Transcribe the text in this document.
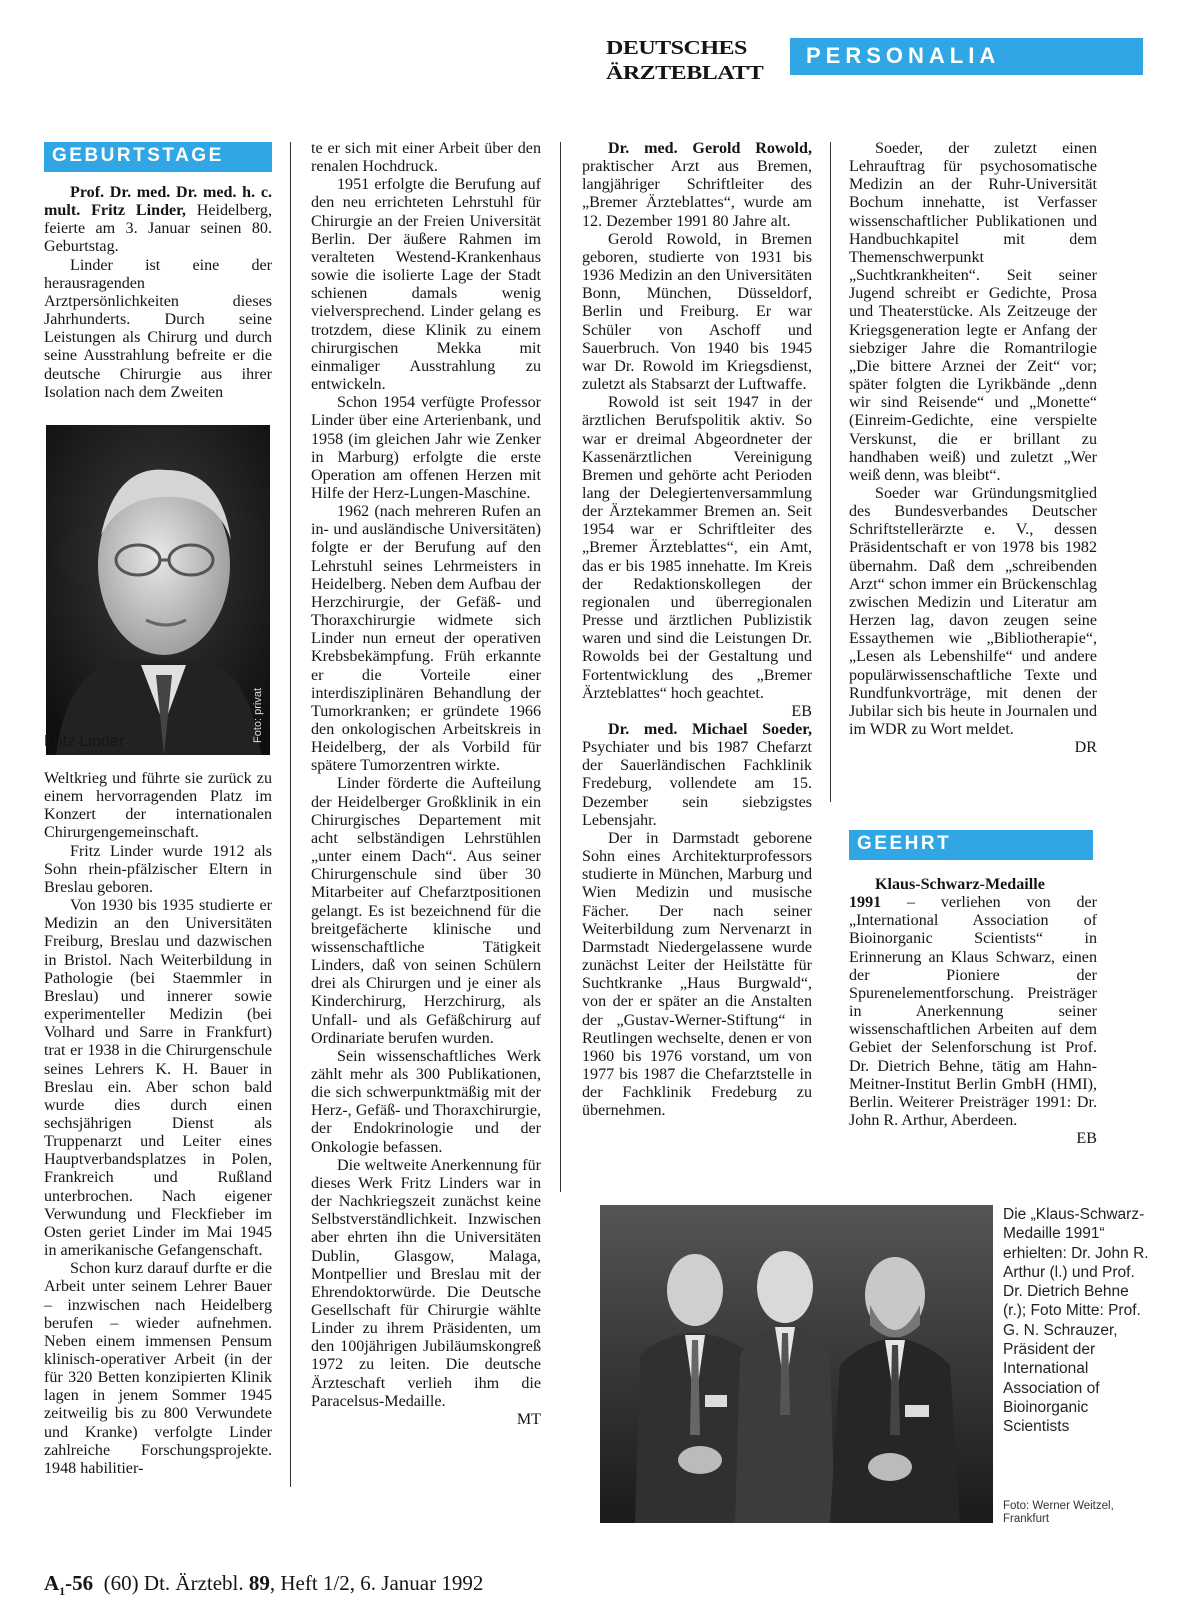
DEUTSCHES
ÄRZTEBLATT
PERSONALIA
GEBURTSTAGE

Prof. Dr. med. Dr. med. h. c. mult. Fritz Linder, Heidelberg, feierte am 3. Januar seinen 80. Geburtstag.

Linder ist eine der herausragenden Arztpersönlichkeiten dieses Jahrhunderts. Durch seine Leistungen als Chirurg und durch seine Ausstrahlung befreite er die deutsche Chirurgie aus ihrer Isolation nach dem Zweiten

Foto: privat
Fritz Linder

Weltkrieg und führte sie zurück zu einem hervorragenden Platz im Konzert der internationalen Chirurgengemeinschaft.

Fritz Linder wurde 1912 als Sohn rhein-pfälzischer Eltern in Breslau geboren.

Von 1930 bis 1935 studierte er Medizin an den Universitäten Freiburg, Breslau und dazwischen in Bristol. Nach Weiterbildung in Pathologie (bei Staemmler in Breslau) und innerer sowie experimenteller Medizin (bei Volhard und Sarre in Frankfurt) trat er 1938 in die Chirurgenschule seines Lehrers K. H. Bauer in Breslau ein. Aber schon bald wurde dies durch einen sechsjährigen Dienst als Truppenarzt und Leiter eines Hauptverbandsplatzes in Polen, Frankreich und Rußland unterbrochen. Nach eigener Verwundung und Fleckfieber im Osten geriet Linder im Mai 1945 in amerikanische Gefangenschaft.

Schon kurz darauf durfte er die Arbeit unter seinem Lehrer Bauer – inzwischen nach Heidelberg berufen – wieder aufnehmen. Neben einem immensen Pensum klinisch-operativer Arbeit (in der für 320 Betten konzipierten Klinik lagen in jenem Sommer 1945 zeitweilig bis zu 800 Verwundete und Kranke) verfolgte Linder zahlreiche Forschungsprojekte. 1948 habilitier-

te er sich mit einer Arbeit über den renalen Hochdruck.

1951 erfolgte die Berufung auf den neu errichteten Lehrstuhl für Chirurgie an der Freien Universität Berlin. Der äußere Rahmen im veralteten Westend-Krankenhaus sowie die isolierte Lage der Stadt schienen damals wenig vielversprechend. Linder gelang es trotzdem, diese Klinik zu einem chirurgischen Mekka mit einmaliger Ausstrahlung zu entwickeln.

Schon 1954 verfügte Professor Linder über eine Arterienbank, und 1958 (im gleichen Jahr wie Zenker in Marburg) erfolgte die erste Operation am offenen Herzen mit Hilfe der Herz-Lungen-Maschine.

1962 (nach mehreren Rufen an in- und ausländische Universitäten) folgte er der Berufung auf den Lehrstuhl seines Lehrmeisters in Heidelberg. Neben dem Aufbau der Herzchirurgie, der Gefäß- und Thoraxchirurgie widmete sich Linder nun erneut der operativen Krebsbekämpfung. Früh erkannte er die Vorteile einer interdisziplinären Behandlung der Tumorkranken; er gründete 1966 den onkologischen Arbeitskreis in Heidelberg, der als Vorbild für spätere Tumorzentren wirkte.

Linder förderte die Aufteilung der Heidelberger Großklinik in ein Chirurgisches Departement mit acht selbständigen Lehrstühlen „unter einem Dach“. Aus seiner Chirurgenschule sind über 30 Mitarbeiter auf Chefarztpositionen gelangt. Es ist bezeichnend für die breitgefächerte klinische und wissenschaftliche Tätigkeit Linders, daß von seinen Schülern drei als Chirurgen und je einer als Kinderchirurg, Herzchirurg, als Unfall- und als Gefäßchirurg auf Ordinariate berufen wurden.

Sein wissenschaftliches Werk zählt mehr als 300 Publikationen, die sich schwerpunktmäßig mit der Herz-, Gefäß- und Thoraxchirurgie, der Endokrinologie und der Onkologie befassen.

Die weltweite Anerkennung für dieses Werk Fritz Linders war in der Nachkriegszeit zunächst keine Selbstverständlichkeit. Inzwischen aber ehrten ihn die Universitäten Dublin, Glasgow, Malaga, Montpellier und Breslau mit der Ehrendoktorwürde. Die Deutsche Gesellschaft für Chirurgie wählte Linder zu ihrem Präsidenten, um den 100jährigen Jubiläumskongreß 1972 zu leiten. Die deutsche Ärzteschaft verlieh ihm die Paracelsus-Medaille.

MT

Dr. med. Gerold Rowold, praktischer Arzt aus Bremen, langjähriger Schriftleiter des „Bremer Ärzteblattes“, wurde am 12. Dezember 1991 80 Jahre alt.

Gerold Rowold, in Bremen geboren, studierte von 1931 bis 1936 Medizin an den Universitäten Bonn, München, Düsseldorf, Berlin und Freiburg. Er war Schüler von Aschoff und Sauerbruch. Von 1940 bis 1945 war Dr. Rowold im Kriegsdienst, zuletzt als Stabsarzt der Luftwaffe.

Rowold ist seit 1947 in der ärztlichen Berufspolitik aktiv. So war er dreimal Abgeordneter der Kassenärztlichen Vereinigung Bremen und gehörte acht Perioden lang der Delegiertenversammlung der Ärztekammer Bremen an. Seit 1954 war er Schriftleiter des „Bremer Ärzteblattes“, ein Amt, das er bis 1985 innehatte. Im Kreis der Redaktionskollegen der regionalen und überregionalen Presse und ärztlichen Publizistik waren und sind die Leistungen Dr. Rowolds bei der Gestaltung und Fortentwicklung des „Bremer Ärzteblattes“ hoch geachtet.

EB

Dr. med. Michael Soeder, Psychiater und bis 1987 Chefarzt der Sauerländischen Fachklinik Fredeburg, vollendete am 15. Dezember sein siebzigstes Lebensjahr.

Der in Darmstadt geborene Sohn eines Architekturprofessors studierte in München, Marburg und Wien Medizin und musische Fächer. Der nach seiner Weiterbildung zum Nervenarzt in Darmstadt Niedergelassene wurde zunächst Leiter der Heilstätte für Suchtkranke „Haus Burgwald“, von der er später an die Anstalten der „Gustav-Werner-Stiftung“ in Reutlingen wechselte, denen er von 1960 bis 1976 vorstand, um von 1977 bis 1987 die Chefarztstelle in der Fachklinik Fredeburg zu übernehmen.

Soeder, der zuletzt einen Lehrauftrag für psychosomatische Medizin an der Ruhr-Universität Bochum innehatte, ist Verfasser wissenschaftlicher Publikationen und Handbuchkapitel mit dem Themenschwerpunkt „Suchtkrankheiten“. Seit seiner Jugend schreibt er Gedichte, Prosa und Theaterstücke. Als Zeitzeuge der Kriegsgeneration legte er Anfang der siebziger Jahre die Romantrilogie „Die bittere Arznei der Zeit“ vor; später folgten die Lyrikbände „denn wir sind Reisende“ und „Monette“ (Einreim-Gedichte, eine verspielte Verskunst, die er brillant zu handhaben weiß) und zuletzt „Wer weiß denn, was bleibt“.

Soeder war Gründungsmitglied des Bundesverbandes Deutscher Schriftstellerärzte e. V., dessen Präsidentschaft er von 1978 bis 1982 übernahm. Daß dem „schreibenden Arzt“ schon immer ein Brückenschlag zwischen Medizin und Literatur am Herzen lag, davon zeugen seine Essaythemen wie „Bibliotherapie“, „Lesen als Lebenshilfe“ und andere populärwissenschaftliche Texte und Rundfunkvorträge, mit denen der Jubilar sich bis heute in Journalen und im WDR zu Wort meldet.

DR
GEEHRT

Klaus-Schwarz-Medaille

1991 – verliehen von der „International Association of Bioinorganic Scientists“ in Erinnerung an Klaus Schwarz, einen der Pioniere der Spurenelementforschung. Preisträger in Anerkennung seiner wissenschaftlichen Arbeiten auf dem Gebiet der Selenforschung ist Prof. Dr. Dietrich Behne, tätig am Hahn-Meitner-Institut Berlin GmbH (HMI), Berlin. Weiterer Preisträger 1991: Dr. John R. Arthur, Aberdeen.

EB
Die „Klaus-Schwarz-Medaille 1991“ erhielten: Dr. John R. Arthur (l.) und Prof. Dr. Dietrich Behne (r.); Foto Mitte: Prof. G. N. Schrauzer, Präsident der International Association of Bioinorganic Scientists
Foto: Werner Weitzel, Frankfurt
$A_1-56$ (60) Dt. Ärztebl. 89, Heft 1/2, 6. Januar 1992
